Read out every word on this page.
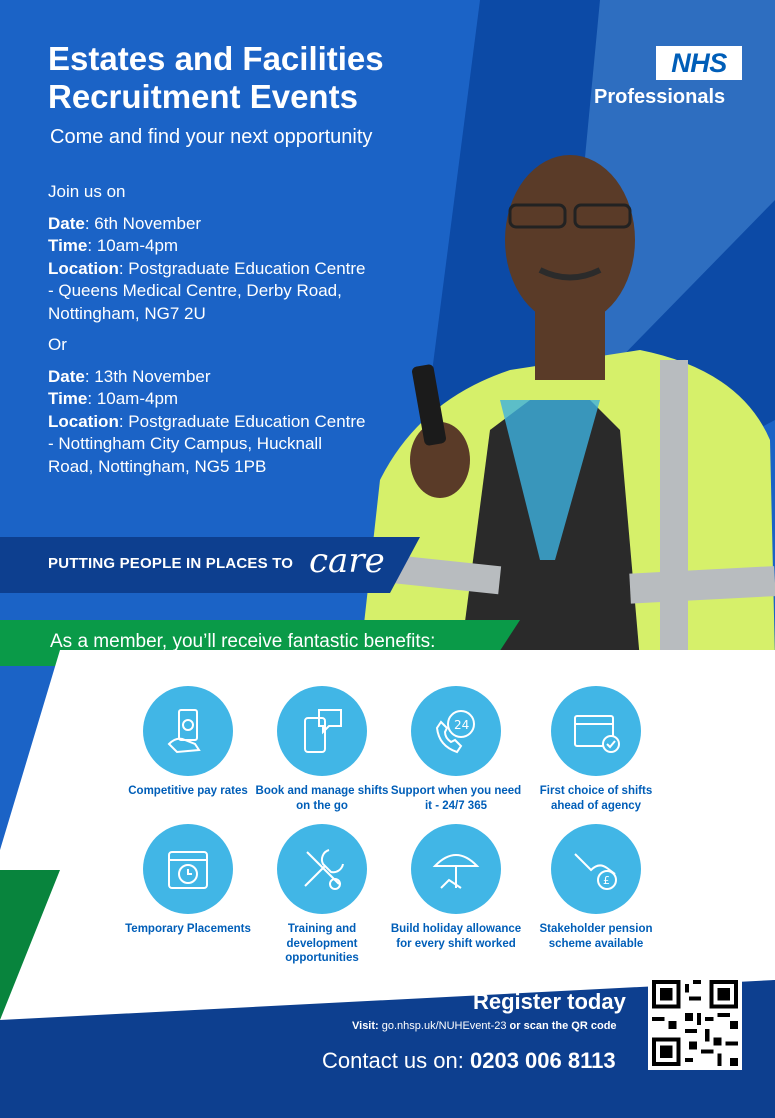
As a member, you’ll receive fantastic benefits:
Estates and Facilities
Recruitment Events
Come and find your next opportunity
NHS
Professionals
Join us on
Date: 6th November
Time: 10am-4pm
Location: Postgraduate Education Centre - Queens Medical Centre, Derby Road, Nottingham, NG7 2U
Or
Date: 13th November
Time: 10am-4pm
Location: Postgraduate Education Centre - Nottingham City Campus, Hucknall Road, Nottingham, NG5 1PB
PUTTING PEOPLE IN PLACES TO care
Competitive pay rates Book and manage shifts on the go
24
Support when you need it - 24/7 365
First choice of shifts ahead of agency
Temporary Placements	Training and development opportunities
Build holiday allowance for every shift worked
£
Stakeholder pension scheme available
Register today
Visit: go.nhsp.uk/NUHEvent-23 or scan the QR code
Contact us on: 0203 006 8113
